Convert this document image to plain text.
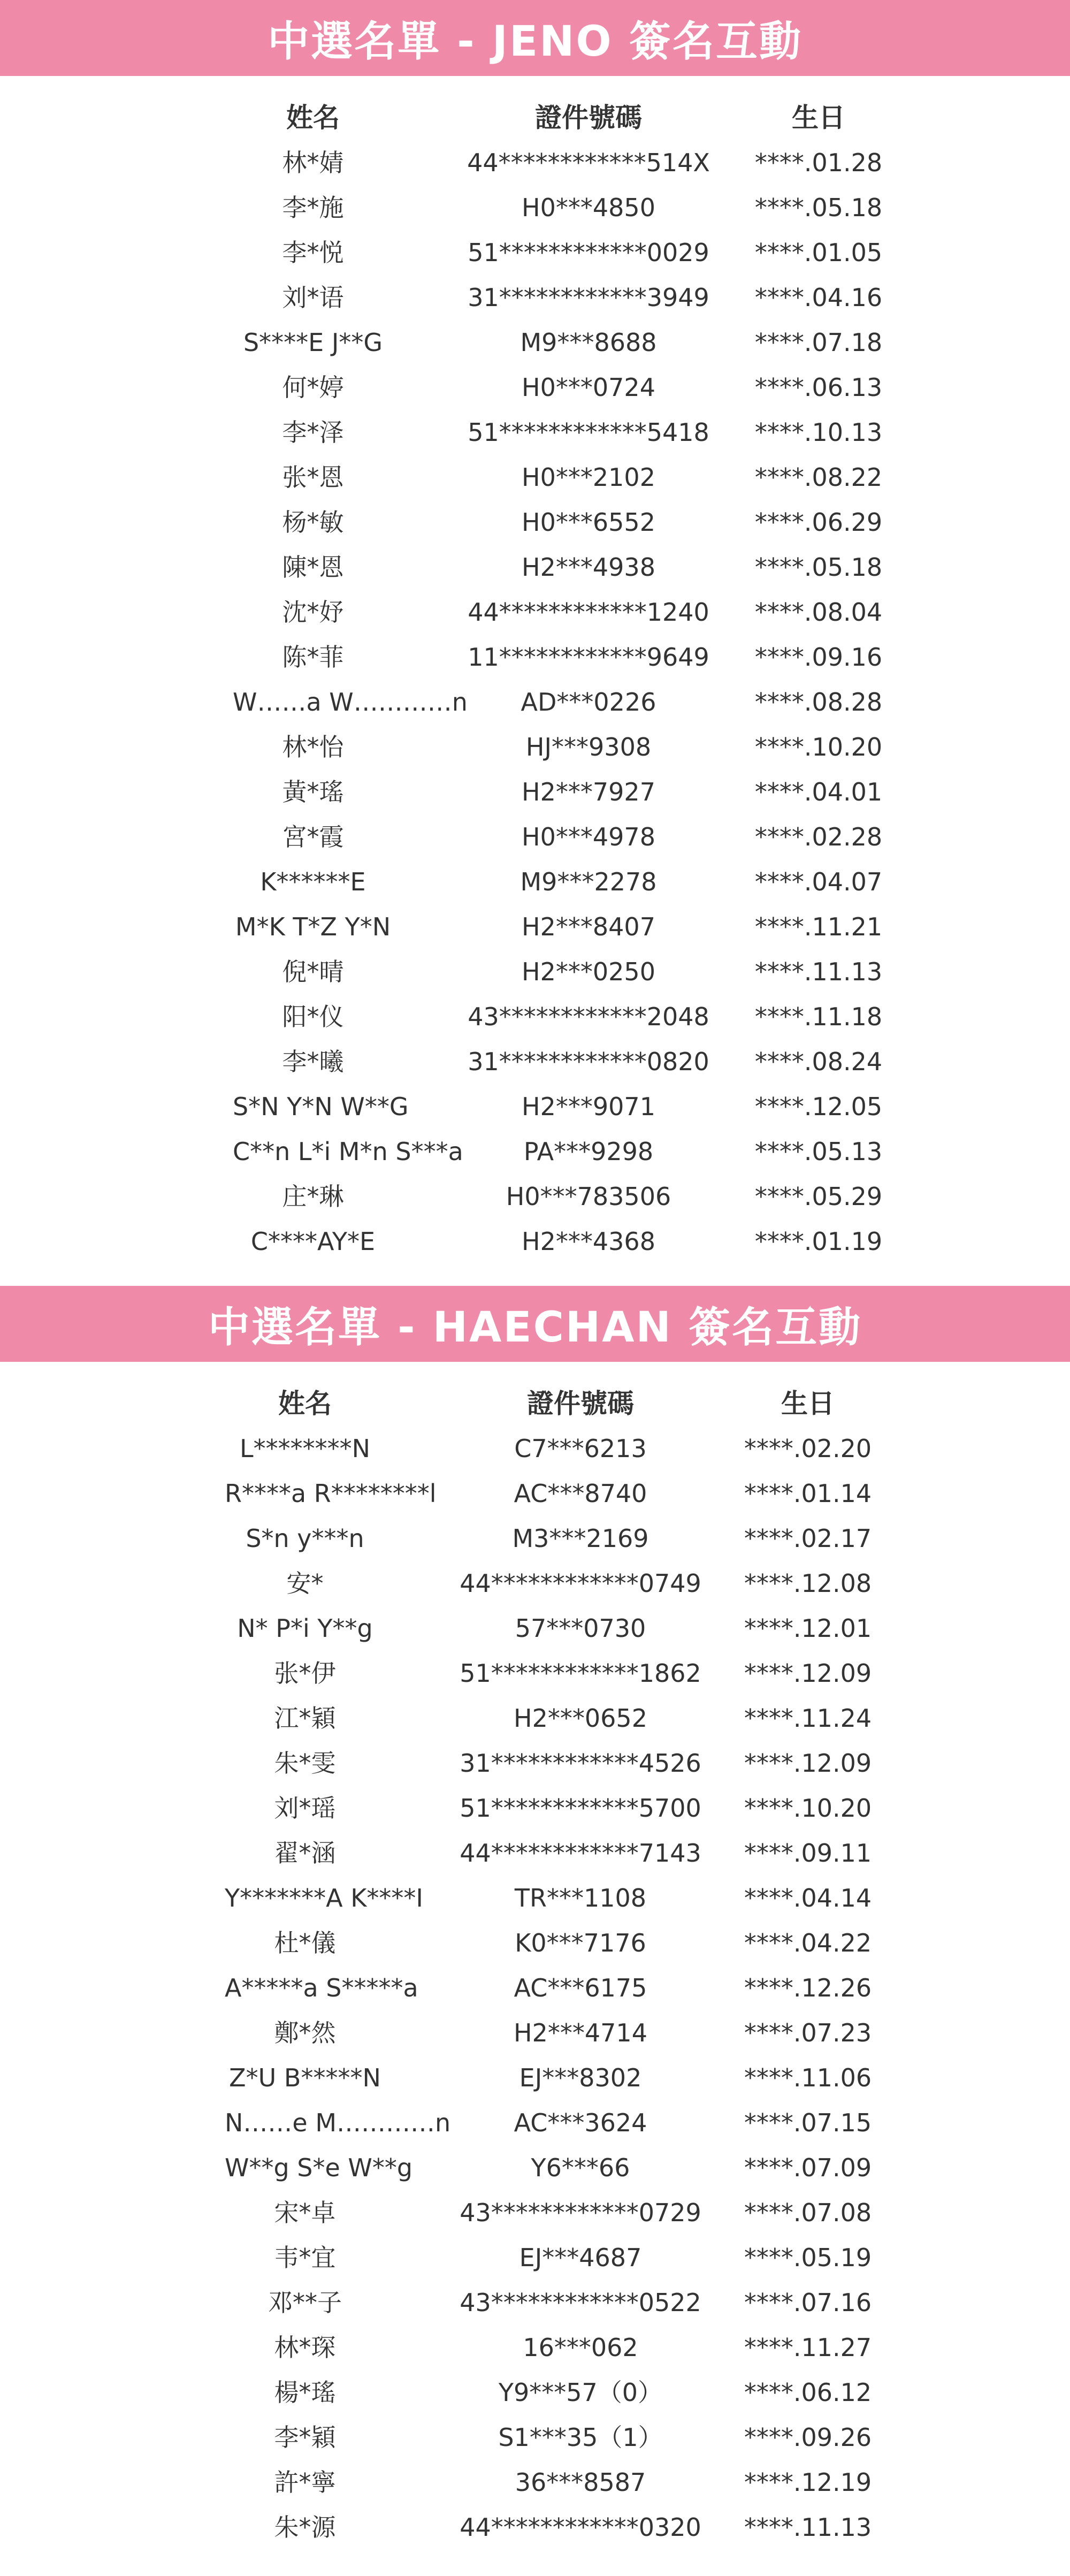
中選名單 - JENO 簽名互動
姓名	證件號碼	生日
林*婧	44************514X	****.01.28
李*施	H0***4850	****.05.18
李*悦	51************0029	****.01.05
刘*语	31************3949	****.04.16
S****E J**G	M9***8688	****.07.18
何*婷	H0***0724	****.06.13
李*泽	51************5418	****.10.13
张*恩	H0***2102	****.08.22
杨*敏	H0***6552	****.06.29
陳*恩	H2***4938	****.05.18
沈*妤	44************1240	****.08.04
陈*菲	11************9649	****.09.16
W……a W…………n	AD***0226	****.08.28
林*怡	HJ***9308	****.10.20
黃*瑤	H2***7927	****.04.01
宮*霞	H0***4978	****.02.28
K******E	M9***2278	****.04.07
M*K T*Z Y*N	H2***8407	****.11.21
倪*晴	H2***0250	****.11.13
阳*仪	43************2048	****.11.18
李*曦	31************0820	****.08.24
S*N Y*N W**G	H2***9071	****.12.05
C**n L*i M*n S***a	PA***9298	****.05.13
庄*琳	H0***783506	****.05.29
C****AY*E	H2***4368	****.01.19
中選名單 - HAECHAN 簽名互動
姓名	證件號碼	生日
L********N	C7***6213	****.02.20
R****a R********l	AC***8740	****.01.14
S*n y***n	M3***2169	****.02.17
安*	44************0749	****.12.08
N* P*i Y**g	57***0730	****.12.01
张*伊	51************1862	****.12.09
江*穎	H2***0652	****.11.24
朱*雯	31************4526	****.12.09
刘*瑶	51************5700	****.10.20
翟*涵	44************7143	****.09.11
Y*******A K****I	TR***1108	****.04.14
杜*儀	K0***7176	****.04.22
A*****a S*****a	AC***6175	****.12.26
鄭*然	H2***4714	****.07.23
Z*U B*****N	EJ***8302	****.11.06
N……e M…………n	AC***3624	****.07.15
W**g S*e W**g	Y6***66	****.07.09
宋*卓	43************0729	****.07.08
韦*宜	EJ***4687	****.05.19
邓**子	43************0522	****.07.16
林*琛	16***062	****.11.27
楊*瑤	Y9***57（0）	****.06.12
李*穎	S1***35（1）	****.09.26
許*寧	36***8587	****.12.19
朱*源	44************0320	****.11.13
